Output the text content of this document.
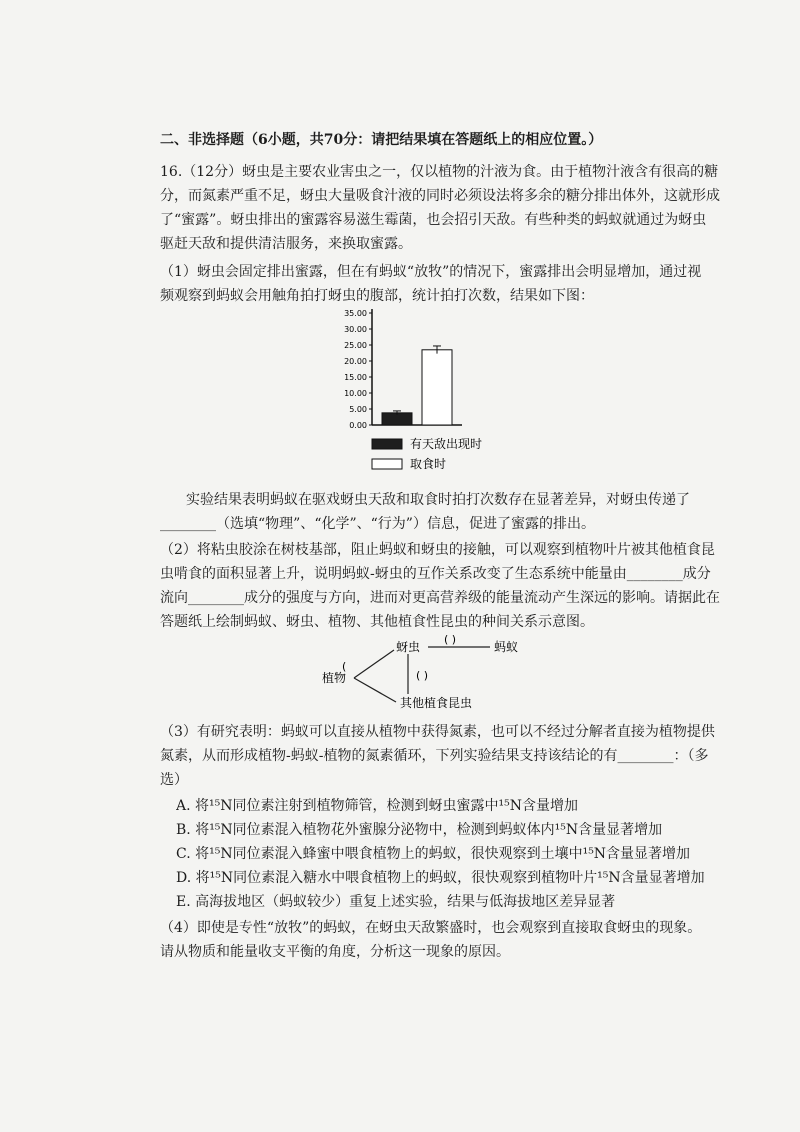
二、非选择题（6小题，共70分：请把结果填在答题纸上的相应位置。）
16.（12分）蚜虫是主要农业害虫之一，仅以植物的汁液为食。由于植物汁液含有很高的糖
分，而氮素严重不足，蚜虫大量吸食汁液的同时必须设法将多余的糖分排出体外，这就形成
了“蜜露”。蚜虫排出的蜜露容易滋生霉菌，也会招引天敌。有些种类的蚂蚁就通过为蚜虫
驱赶天敌和提供清洁服务，来换取蜜露。
（1）蚜虫会固定排出蜜露，但在有蚂蚁“放牧”的情况下，蜜露排出会明显增加，通过视
频观察到蚂蚁会用触角拍打蚜虫的腹部，统计拍打次数，结果如下图：
0.00
5.00
10.00
15.00
20.00
25.00
30.00
35.00
有天敌出现时
取食时
实验结果表明蚂蚁在驱戏蚜虫天敌和取食时拍打次数存在显著差异，对蚜虫传递了
________（选填“物理”、“化学”、“行为”）信息，促进了蜜露的排出。
（2）将粘虫胶涂在树枝基部，阻止蚂蚁和蚜虫的接触，可以观察到植物叶片被其他植食昆
虫啃食的面积显著上升，说明蚂蚁-蚜虫的互作关系改变了生态系统中能量由________成分
流向________成分的强度与方向，进而对更高营养级的能量流动产生深远的影响。请据此在
答题纸上绘制蚂蚁、蚜虫、植物、其他植食性昆虫的种间关系示意图。
蚜虫	蚂蚁
( )
植物
(
( )
其他植食昆虫
（3）有研究表明：蚂蚁可以直接从植物中获得氮素，也可以不经过分解者直接为植物提供
氮素，从而形成植物-蚂蚁-植物的氮素循环，下列实验结果支持该结论的有________：（多
选）
A. 将¹⁵N同位素注射到植物筛管，检测到蚜虫蜜露中¹⁵N含量增加
B. 将¹⁵N同位素混入植物花外蜜腺分泌物中，检测到蚂蚁体内¹⁵N含量显著增加
C. 将¹⁵N同位素混入蜂蜜中喂食植物上的蚂蚁，很快观察到土壤中¹⁵N含量显著增加
D. 将¹⁵N同位素混入糖水中喂食植物上的蚂蚁，很快观察到植物叶片¹⁵N含量显著增加
E. 高海拔地区（蚂蚁较少）重复上述实验，结果与低海拔地区差异显著
（4）即使是专性“放牧”的蚂蚁，在蚜虫天敌繁盛时，也会观察到直接取食蚜虫的现象。
请从物质和能量收支平衡的角度，分析这一现象的原因。
